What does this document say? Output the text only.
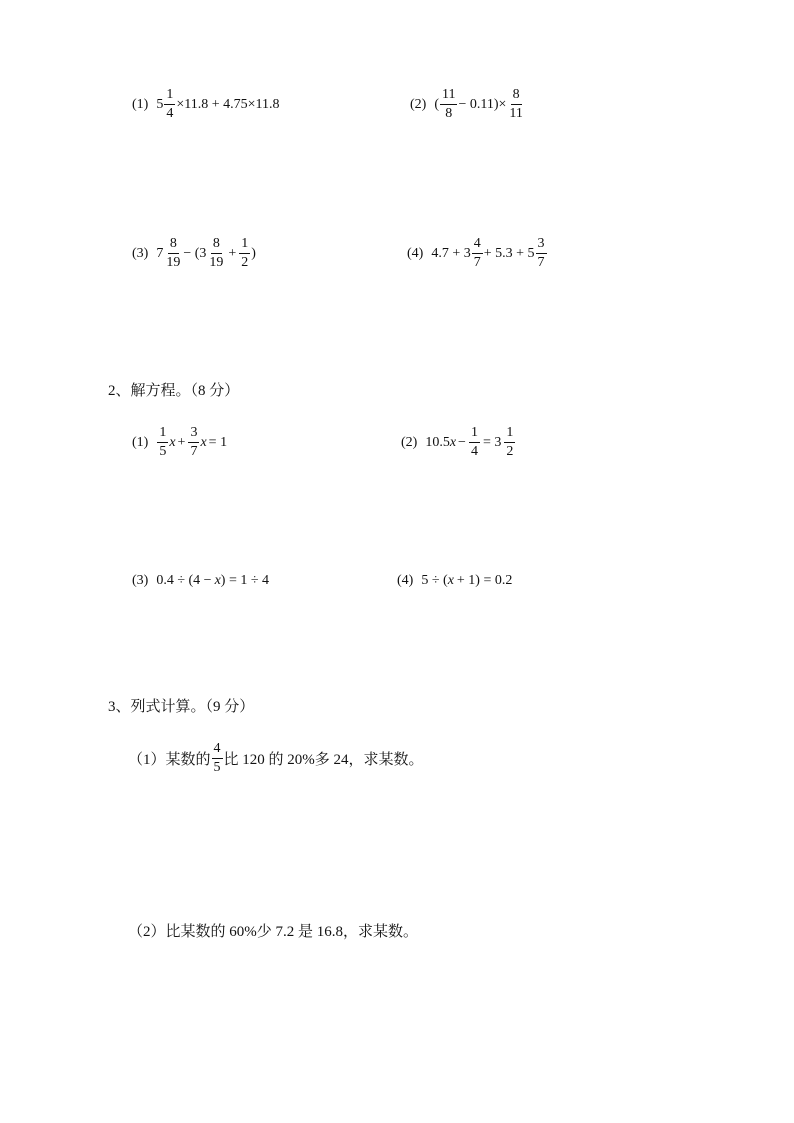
(1) $5 \frac{1}{4} \times 11.8 + 4.75\times 11.8$	(2) ( $\frac{11}{8} - 0.11)\times \frac{8}{11}$
(3) $7 \frac{8}{19} - (3 \frac{8}{19} + \frac{1}{2}$ )	(4) $4.7 + 3 \frac{4}{7} + 5.3 + 5 \frac{3}{7}$
2、解方程。（8 分）
$(1) \frac{1}{5}$ $x + \frac{3}{7}$ x = 1	(2) 10.5 $x - \frac{1}{4} = 3 \frac{1}{2}$
(3) 0.4 ÷ (4 − x ) = 1 ÷ 4	(4) 5 ÷ ( x + 1) = 0.2
3、列式计算。（9 分）
（1）某数的 $\frac{4}{5}$ 比 120 的 20%多 24，求某数。
（2）比某数的 60%少 7.2 是 16.8，求某数。
